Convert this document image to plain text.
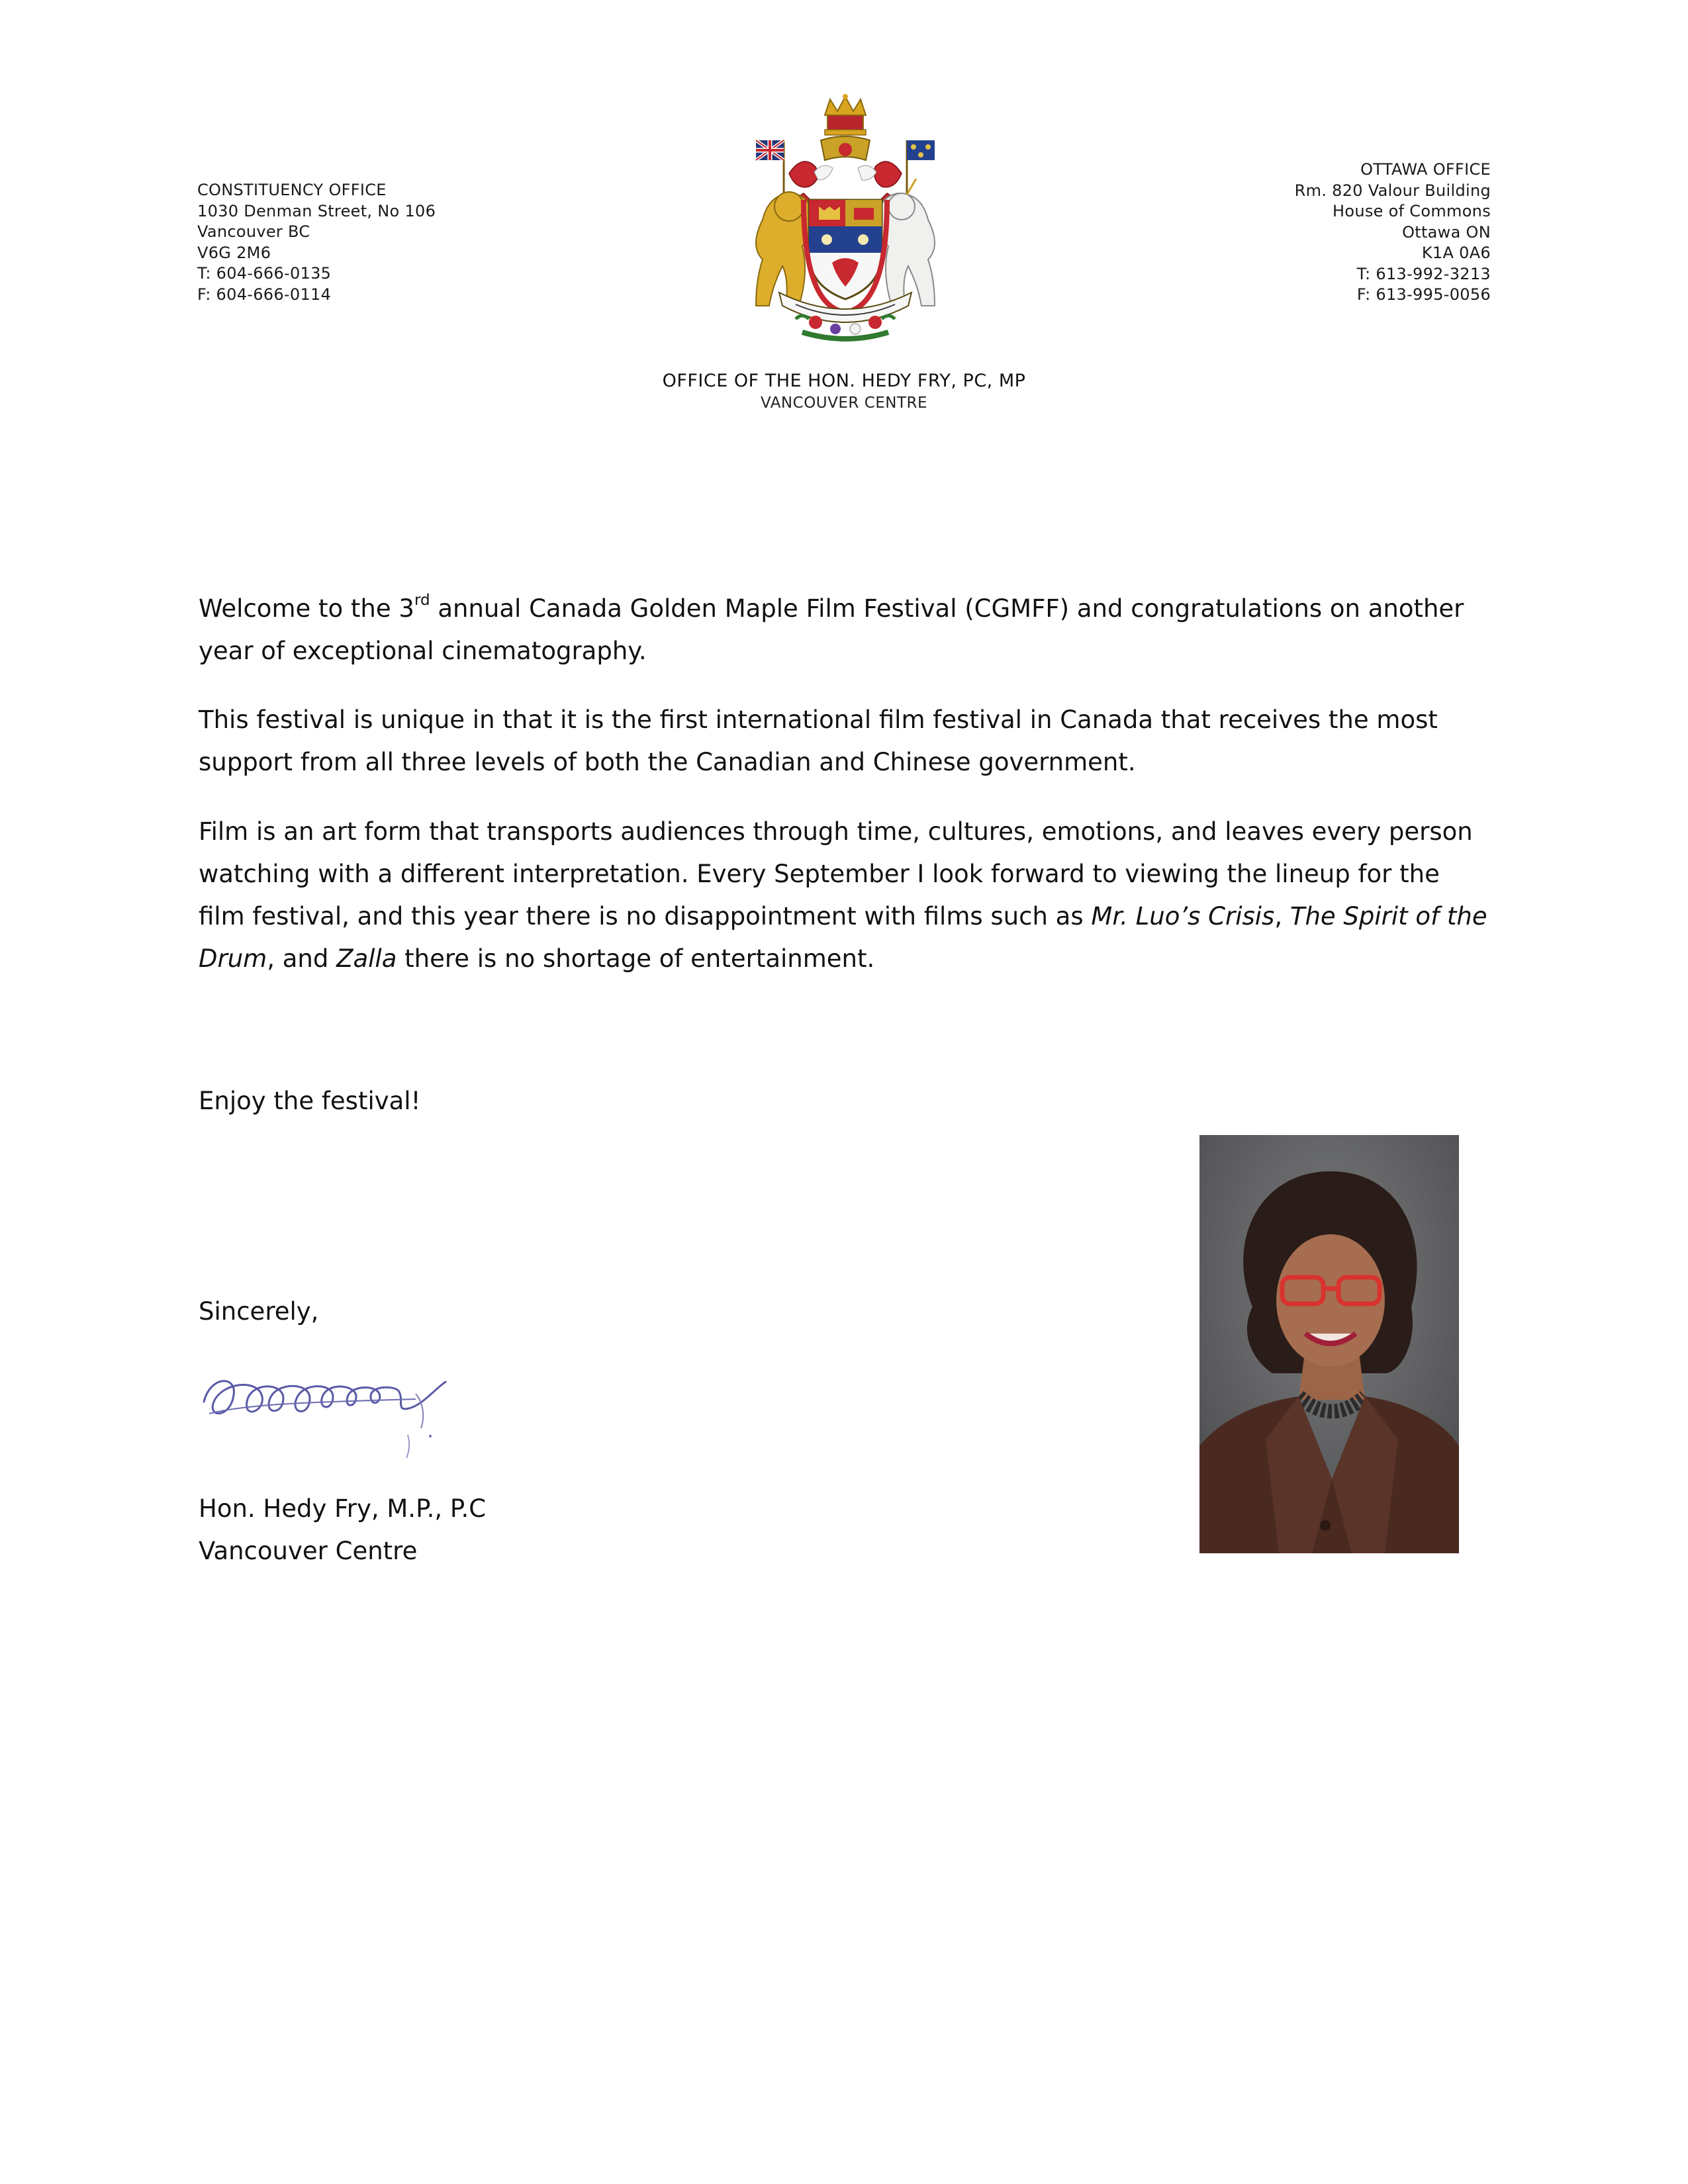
CONSTITUENCY OFFICE
1030 Denman Street, No 106
Vancouver BC
V6G 2M6
T: 604-666-0135
F: 604-666-0114
OTTAWA OFFICE
Rm. 820 Valour Building
House of Commons
Ottawa ON
K1A 0A6
T: 613-992-3213
F: 613-995-0056
OFFICE OF THE HON. HEDY FRY, PC, MP
VANCOUVER CENTRE
Welcome to the 3rd annual Canada Golden Maple Film Festival (CGMFF) and congratulations on another year of exceptional cinematography.
This festival is unique in that it is the first international film festival in Canada that receives the most support from all three levels of both the Canadian and Chinese government.
Film is an art form that transports audiences through time, cultures, emotions, and leaves every person watching with a different interpretation. Every September I look forward to viewing the lineup for the film festival, and this year there is no disappointment with films such as Mr. Luo’s Crisis, The Spirit of the Drum, and Zalla there is no shortage of entertainment.
Enjoy the festival!
Sincerely,
Hon. Hedy Fry, M.P., P.C
Vancouver Centre
